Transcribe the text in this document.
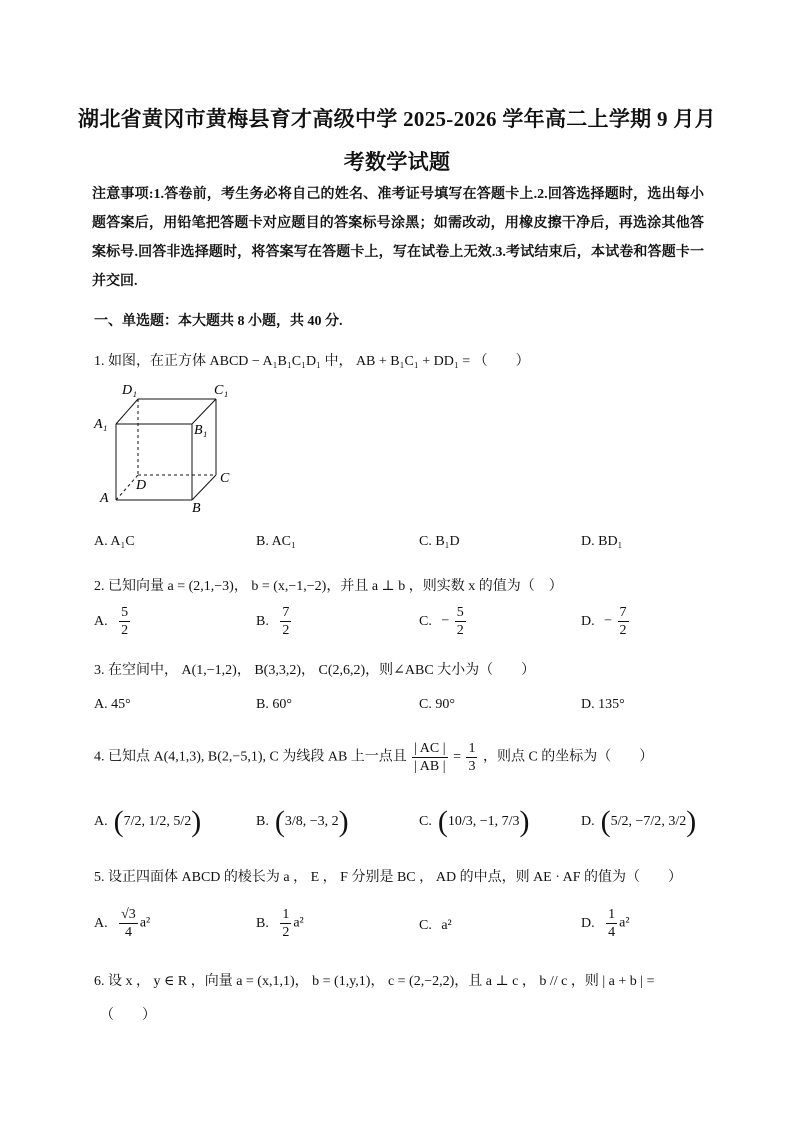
湖北省黄冈市黄梅县育才高级中学 2025-2026 学年高二上学期 9 月月
考数学试题
注意事项:1.答卷前，考生务必将自己的姓名、准考证号填写在答题卡上.2.回答选择题时，选出每小题答案后，用铅笔把答题卡对应题目的答案标号涂黑；如需改动，用橡皮擦干净后，再选涂其他答案标号.回答非选择题时，将答案写在答题卡上，写在试卷上无效.3.考试结束后，本试卷和答题卡一并交回.
一、单选题：本大题共 8 小题，共 40 分.
1. 如图，在正方体 ABCD − A₁B₁C₁D₁ 中， AB + B₁C₁ + DD₁ = （　　）
D₁	C₁
A₁	B₁
C
D
A
B
A. A₁C	B. AC₁	C. B₁D	D. BD₁
2. 已知向量 a = (2,1,−3)， b = (x,−1,−2)，并且 a ⊥ b ，则实数 x 的值为（　）
A. $\frac{5}{2}$	B. $\frac{7}{2}$	C. − $\frac{5}{2}$	D. − $\frac{7}{2}$
3. 在空间中， A(1,−1,2)， B(3,3,2)， C(2,6,2)，则∠ABC 大小为（　　）
A. 45°	B. 60°	C. 90°	D. 135°
4. 已知点 A(4,1,3), B(2,−5,1), C 为线段 AB 上一点且 $\frac{| AC |}{| AB |} = \frac{1}{3}$ ，则点 C 的坐标为（　　）
A. (7/2, 1/2, 5/2)	B. (3/8, −3, 2)	C. (10/3, −1, 7/3)	D. (5/2, −7/2, 3/2)
5. 设正四面体 ABCD 的棱长为 a ， E ， F 分别是 BC ， AD 的中点，则 AE · AF 的值为（　　）
A. $\frac{√3}{4} a^2$	B. $\frac{1}{2} a^2$	C. a²	D. $\frac{1}{4} a^2$
6. 设 x ， y ∈ R ，向量 a = (x,1,1)， b = (1,y,1)， c = (2,−2,2)，且 a ⊥ c ， b // c ，则 | a + b | =
（　　）
